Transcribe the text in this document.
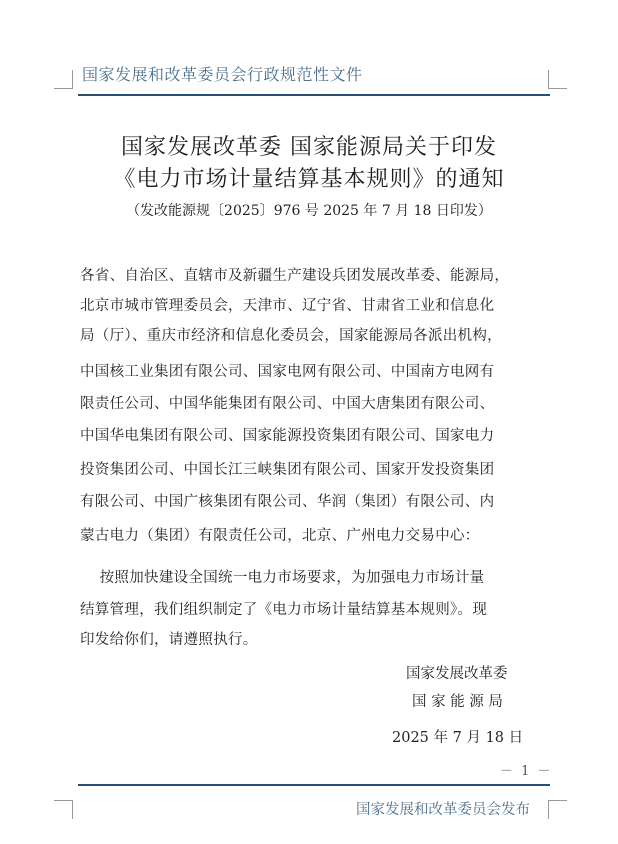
国家发展和改革委员会行政规范性文件
国家发展改革委 国家能源局关于印发
《电力市场计量结算基本规则》的通知
（发改能源规〔2025〕976 号 2025 年 7 月 18 日印发）
各省、自治区、直辖市及新疆生产建设兵团发展改革委、能源局，
北京市城市管理委员会，天津市、辽宁省、甘肃省工业和信息化
局（厅）、重庆市经济和信息化委员会，国家能源局各派出机构，
中国核工业集团有限公司、国家电网有限公司、中国南方电网有
限责任公司、中国华能集团有限公司、中国大唐集团有限公司、
中国华电集团有限公司、国家能源投资集团有限公司、国家电力
投资集团公司、中国长江三峡集团有限公司、国家开发投资集团
有限公司、中国广核集团有限公司、华润（集团）有限公司、内
蒙古电力（集团）有限责任公司，北京、广州电力交易中心：
按照加快建设全国统一电力市场要求，为加强电力市场计量
结算管理，我们组织制定了《电力市场计量结算基本规则》。现
印发给你们，请遵照执行。
国家发展改革委
国 家 能 源 局
2025 年 7 月 18 日
－ 1 －
国家发展和改革委员会发布
